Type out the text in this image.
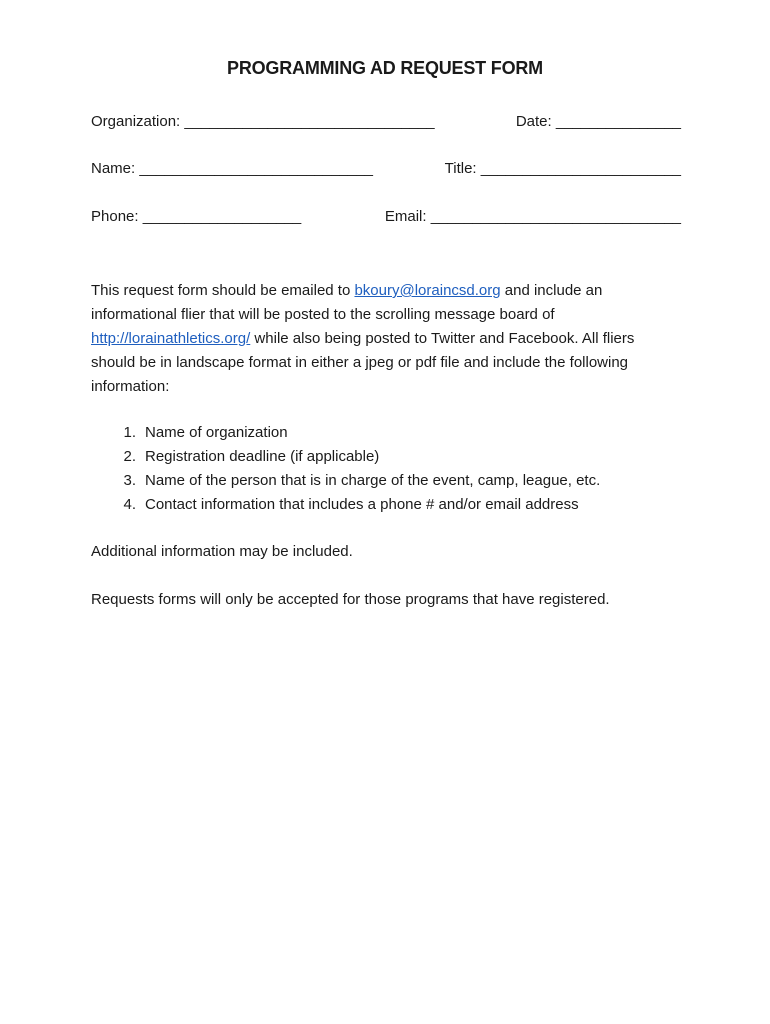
PROGRAMMING AD REQUEST FORM
Organization: ______________________________	Date: _______________
Name: ____________________________	Title: ________________________
Phone: ___________________	Email: ______________________________

This request form should be emailed to bkoury@loraincsd.org and include an informational flier that will be posted to the scrolling message board of http://lorainathletics.org/ while also being posted to Twitter and Facebook. All fliers should be in landscape format in either a jpeg or pdf file and include the following information:

1. Name of organization
2. Registration deadline (if applicable)
3. Name of the person that is in charge of the event, camp, league, etc.
4. Contact information that includes a phone # and/or email address

Additional information may be included.

Requests forms will only be accepted for those programs that have registered.
